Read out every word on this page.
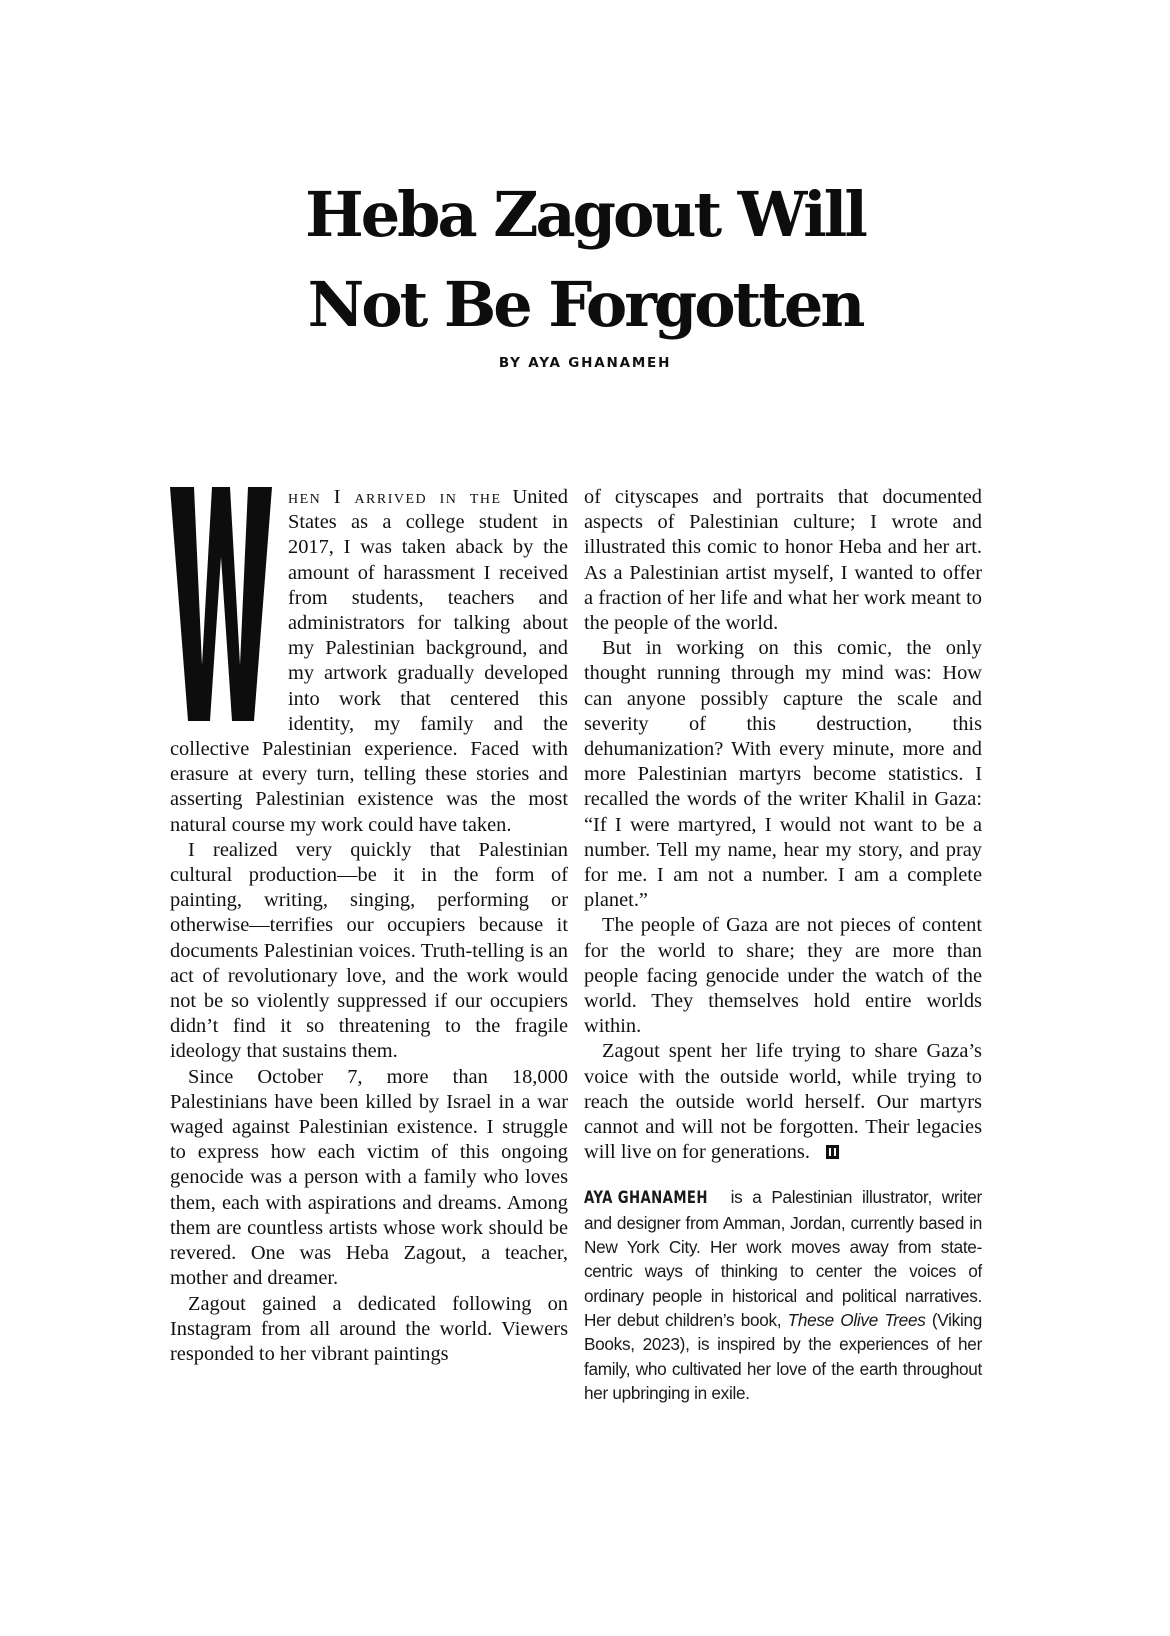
Heba Zagout Will
Not Be Forgotten
BY AYA GHANAMEH

hen I arrived in the United States as a college student in 2017, I was taken aback by the amount of harassment I received from students, teachers and administrators for talking about my Palestinian background, and my artwork gradually developed into work that centered this identity, my family and the collective Palestinian experience. Faced with erasure at every turn, telling these stories and asserting Palestinian existence was the most natural course my work could have taken.

I realized very quickly that Palestinian cultural production—be it in the form of painting, writing, singing, performing or otherwise—terrifies our occupiers because it documents Palestinian voices. Truth-telling is an act of revolutionary love, and the work would not be so violently suppressed if our occupiers didn’t find it so threatening to the fragile ideology that sustains them.

Since October 7, more than 18,000 Palestinians have been killed by Israel in a war waged against Palestinian existence. I struggle to express how each victim of this ongoing genocide was a person with a family who loves them, each with aspirations and dreams. Among them are countless artists whose work should be revered. One was Heba Zagout, a teacher, mother and dreamer.

Zagout gained a dedicated following on Instagram from all around the world. Viewers responded to her vibrant paintings

of cityscapes and portraits that documented aspects of Palestinian culture; I wrote and illustrated this comic to honor Heba and her art. As a Palestinian artist myself, I wanted to offer a fraction of her life and what her work meant to the people of the world.

But in working on this comic, the only thought running through my mind was: How can anyone possibly capture the scale and severity of this destruction, this dehumanization? With every minute, more and more Palestinian martyrs become statistics. I recalled the words of the writer Khalil in Gaza: “If I were martyred, I would not want to be a number. Tell my name, hear my story, and pray for me. I am not a number. I am a complete planet.”

The people of Gaza are not pieces of content for the world to share; they are more than people facing genocide under the watch of the world. They themselves hold entire worlds within.

Zagout spent her life trying to share Gaza’s voice with the outside world, while trying to reach the outside world herself. Our martyrs cannot and will not be forgotten. Their legacies will live on for generations.

AYA GHANAMEH is a Palestinian illustrator, writer and designer from Amman, Jordan, currently based in New York City. Her work moves away from state-centric ways of thinking to center the voices of ordinary people in historical and political narratives. Her debut children’s book, These Olive Trees (Viking Books, 2023), is inspired by the experiences of her family, who cultivated her love of the earth throughout her upbringing in exile.
